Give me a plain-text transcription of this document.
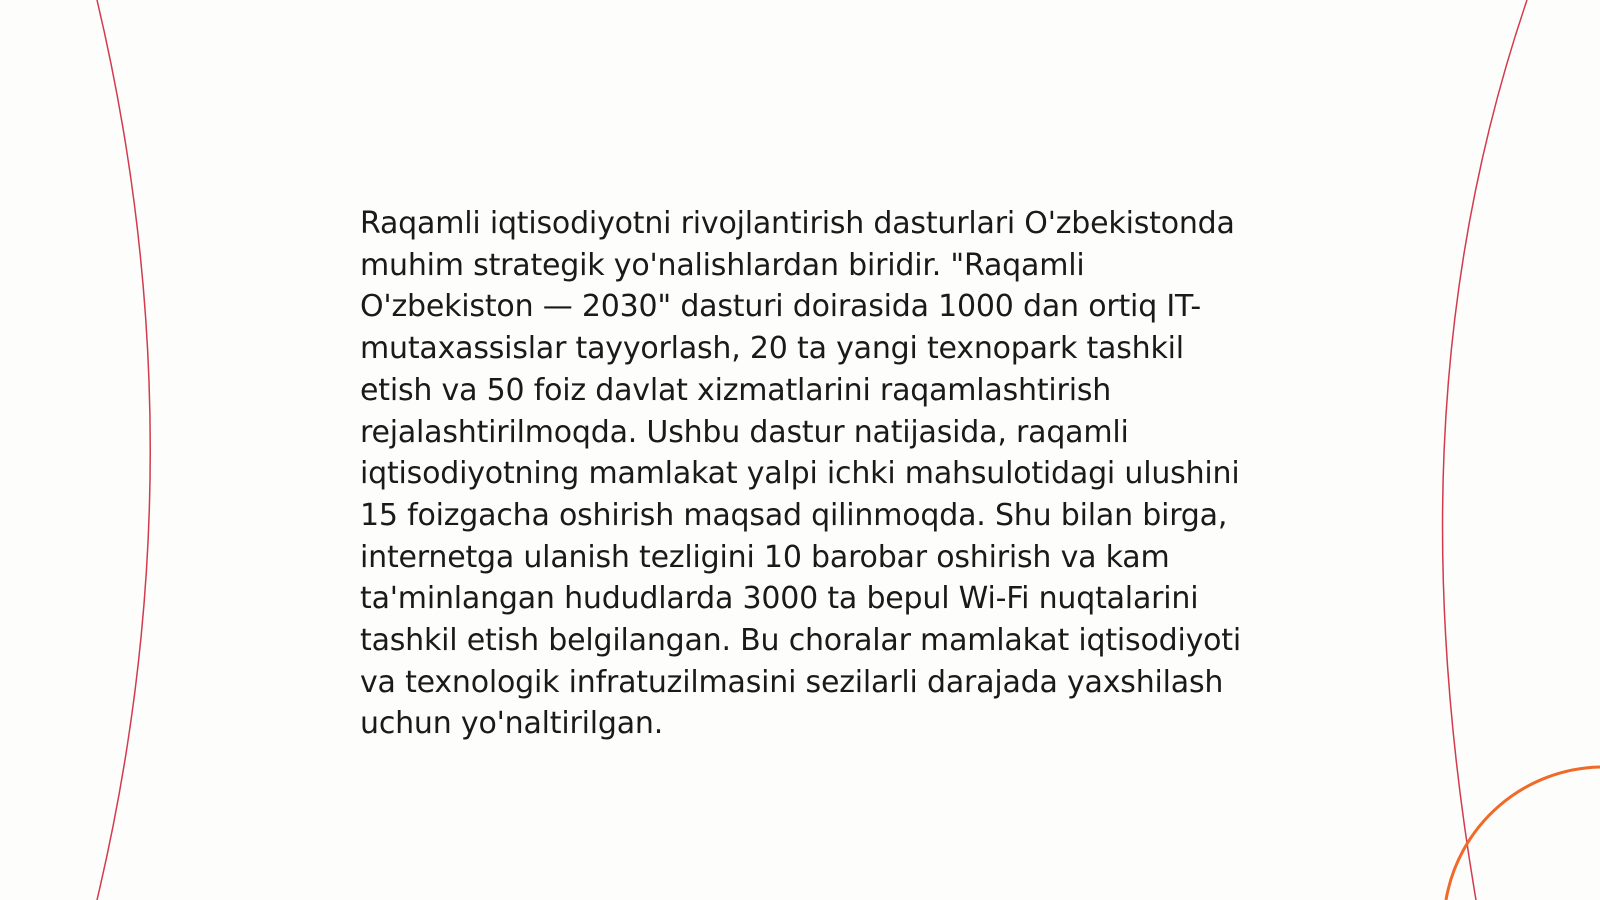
Raqamli iqtisodiyotni rivojlantirish dasturlari O'zbekistonda muhim strategik yo'nalishlardan biridir. "Raqamli O'zbekiston — 2030" dasturi doirasida 1000 dan ortiq IT-mutaxassislar tayyorlash, 20 ta yangi texnopark tashkil etish va 50 foiz davlat xizmatlarini raqamlashtirish rejalashtirilmoqda. Ushbu dastur natijasida, raqamli iqtisodiyotning mamlakat yalpi ichki mahsulotidagi ulushini 15 foizgacha oshirish maqsad qilinmoqda. Shu bilan birga, internetga ulanish tezligini 10 barobar oshirish va kam ta'minlangan hududlarda 3000 ta bepul Wi-Fi nuqtalarini tashkil etish belgilangan. Bu choralar mamlakat iqtisodiyoti va texnologik infratuzilmasini sezilarli darajada yaxshilash uchun yo'naltirilgan.
